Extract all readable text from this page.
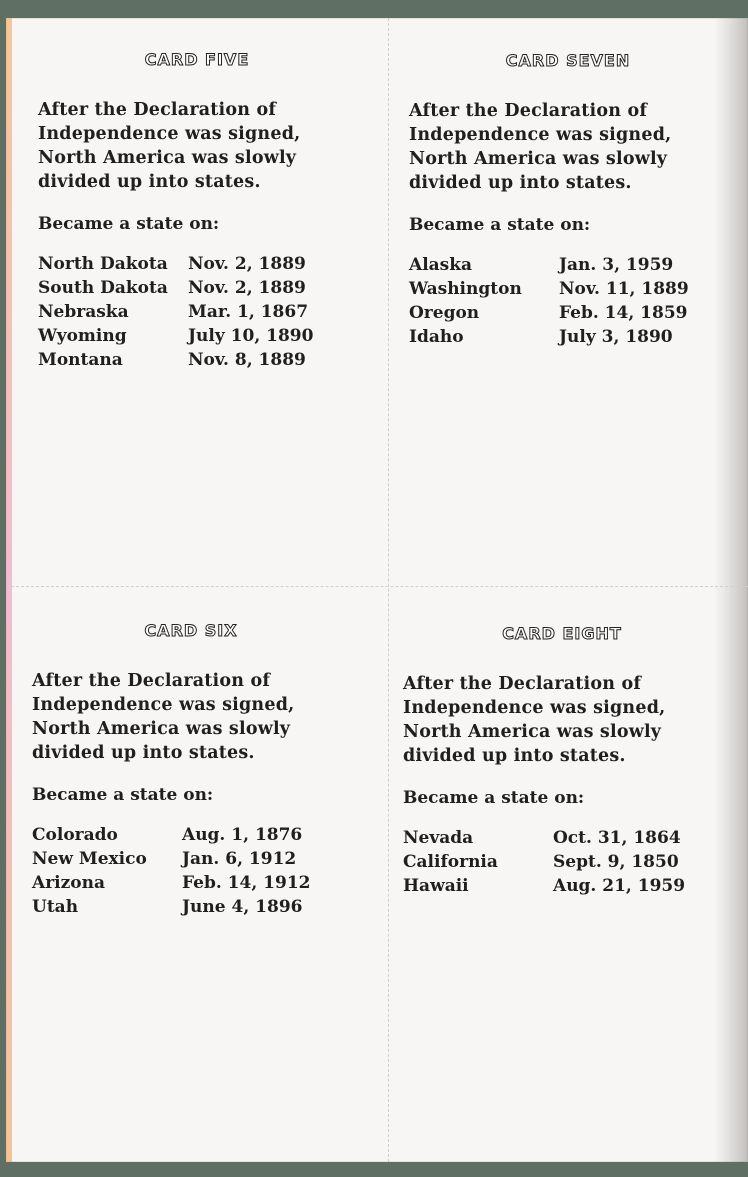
CARD FIVE

After the Declaration of Independence was signed, North America was slowly divided up into states.

Became a state on:

North Dakota	Nov. 2, 1889
South Dakota	Nov. 2, 1889
Nebraska	Mar. 1, 1867
Wyoming	July 10, 1890
Montana	Nov. 8, 1889
CARD SEVEN

After the Declaration of Independence was signed, North America was slowly divided up into states.

Became a state on:

Alaska	Jan. 3, 1959
Washington	Nov. 11, 1889
Oregon	Feb. 14, 1859
Idaho	July 3, 1890
CARD SIX

After the Declaration of Independence was signed, North America was slowly divided up into states.

Became a state on:

Colorado	Aug. 1, 1876
New Mexico	Jan. 6, 1912
Arizona	Feb. 14, 1912
Utah	June 4, 1896
CARD EIGHT

After the Declaration of Independence was signed, North America was slowly divided up into states.

Became a state on:

Nevada	Oct. 31, 1864
California	Sept. 9, 1850
Hawaii	Aug. 21, 1959
